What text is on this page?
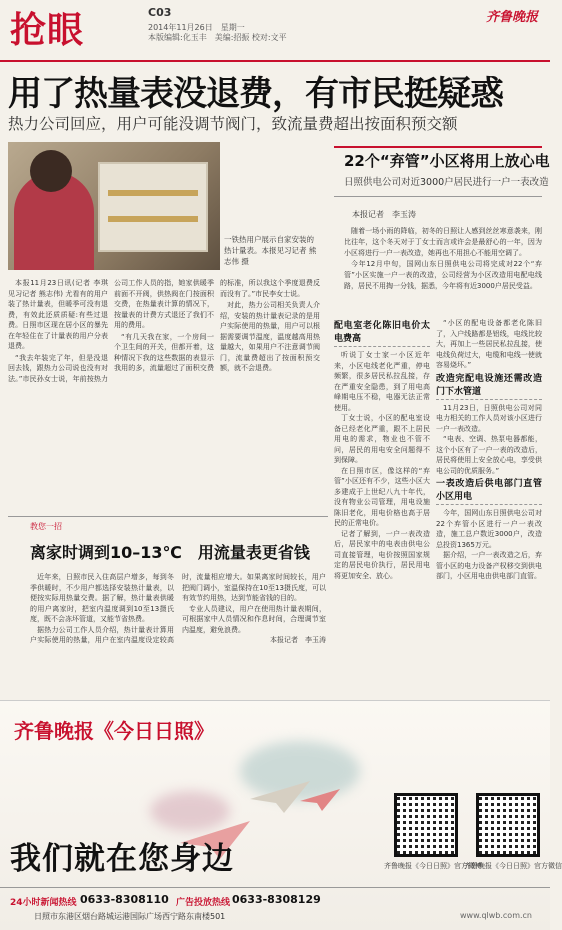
抢眼	C03
2014年11月26日　星期一
本版编辑:化玉丰　美编:招振 校对:文平
齐鲁晚报
用了热量表没退费，有市民挺疑惑
热力公司回应，用户可能没调节阀门，致流量费超出按面积预交额
一铁热用户展示自家安装的热计量表。本报见习记者 熊志伟 摄

本报11月23日讯(记者 李琪 见习记者 熊志伟) 尤看有的用户装了热计量表，但暖季可没有退费，有效此还质质疑:有些过退费。日照市区现在居小区的暴先在年轻住在了计量表的用户分表退费。

“我去年装完了年，但是没退回去钱，跟热力公司说也没有对法。”市民孙女士说，年前按热力公司工作人员的指，她家供暖季前面不开阀，供热阀在门按面积交费，在热量表计算的情况下，按量表的计费方式退还了我们不用的费用。

“有几天我在家，一个房间一个卫生间的开关，但都开着，这种情况下我的这些数据的表显示我用的多，流量超过了面积交费的标准，所以我这个季度退费反而没有了。”市民李女士说。

对此，热力公司相关负责人介绍，安装的热计量表记录的是用户实际使用的热量，用户可以根据需要调节温度，温度越高用热量越大，如果用户不注意调节阀门，流量费超出了按面积预交额，就不会退费。

22个“弃管”小区将用上放心电
日照供电公司对近3000户居民进行一户一表改造
本报记者　李玉涛

随着一场小雨的降临，初冬的日照让人感到丝丝寒意袭来，刚比往年，这个冬天对于丁女士而言或许会是最舒心的一年，因为小区将进行一户一表改造，她再也不用担心不能用空调了。

今年12月中旬，国网山东日照供电公司将完成对22个“弃管”小区实施一户一表的改造，公司经营为小区改造用电配电线路，居民不用掏一分钱，据悉，今年将有近3000户居民受益。

配电室老化陈旧电价太电费高

听说丁女士家一小区近年来，小区电线老化严重，停电频繁，很多居民私拉乱接，存在严重安全隐患，到了用电高峰期电压不稳，电器无法正常使用。

丁女士说，小区的配电室设备已经老化严重，跟不上居民用电的需求，物业也不管不问，居民的用电安全问题得不到保障。

在日照市区，像这样的“弃管”小区还有不少，这些小区大多建成于上世纪八九十年代，没有物业公司管理，用电设施陈旧老化，用电价格也高于居民的正常电价。

记者了解到，一户一表改造后，居民家中的电表由供电公司直接管理，电价按照国家规定的居民电价执行，居民用电将更加安全、放心。

“小区的配电设备都老化陈旧了，入户线路都是铝线，电线比较大，再加上一些居民私拉乱接，使电线负荷过大，电缆和电线一使就容易烧坏。”

改造完配电设施还需改造门下水管道

11月23日，日照供电公司对同电力相关的工作人员对该小区进行一户一表改造。

“电表、空调、热泵电器都能，这个小区有了一户一表的改造后，居民将使用上安全放心电，享受供电公司的优质服务。”

一表改造后供电部门直管小区用电

今年，国网山东日照供电公司对22个弃管小区进行一户一表改造，施工总户数近3000户，改造总投资1365万元。

据介绍，一户一表改造之后，弃管小区的电力设备产权移交到供电部门，小区用电由供电部门直管。

教您一招
离家时调到10–13℃　用流量表更省钱

近年来，日照市民入住高层户增多，每到冬季供暖时，不少用户都选择安装热计量表，以便按实际用热量交费。据了解，热计量表供暖的用户离家时，把室内温度调到10至13摄氏度，既不会冻坏管道，又能节省热费。

据热力公司工作人员介绍，热计量表计算用户实际使用的热量，用户在室内温度设定较高时，流量相应增大。如果离家时间较长，用户把阀门调小，室温保持在10至13摄氏度，可以有效节约用热，达到节能省钱的目的。

专业人员建议，用户在使用热计量表期间，可根据家中人员情况和作息时间，合理调节室内温度，避免浪费。

本报记者　李玉涛

齐鲁晚报《今日日照》
我们就在您身边	齐鲁晚报《今日日照》官方微博
齐鲁晚报《今日日照》官方微信
24小时新闻热线 0633-8308110 广告投放热线 0633-8308129
日照市东港区烟台路城运港国际广场西宁路东南楼501	www.qlwb.com.cn
